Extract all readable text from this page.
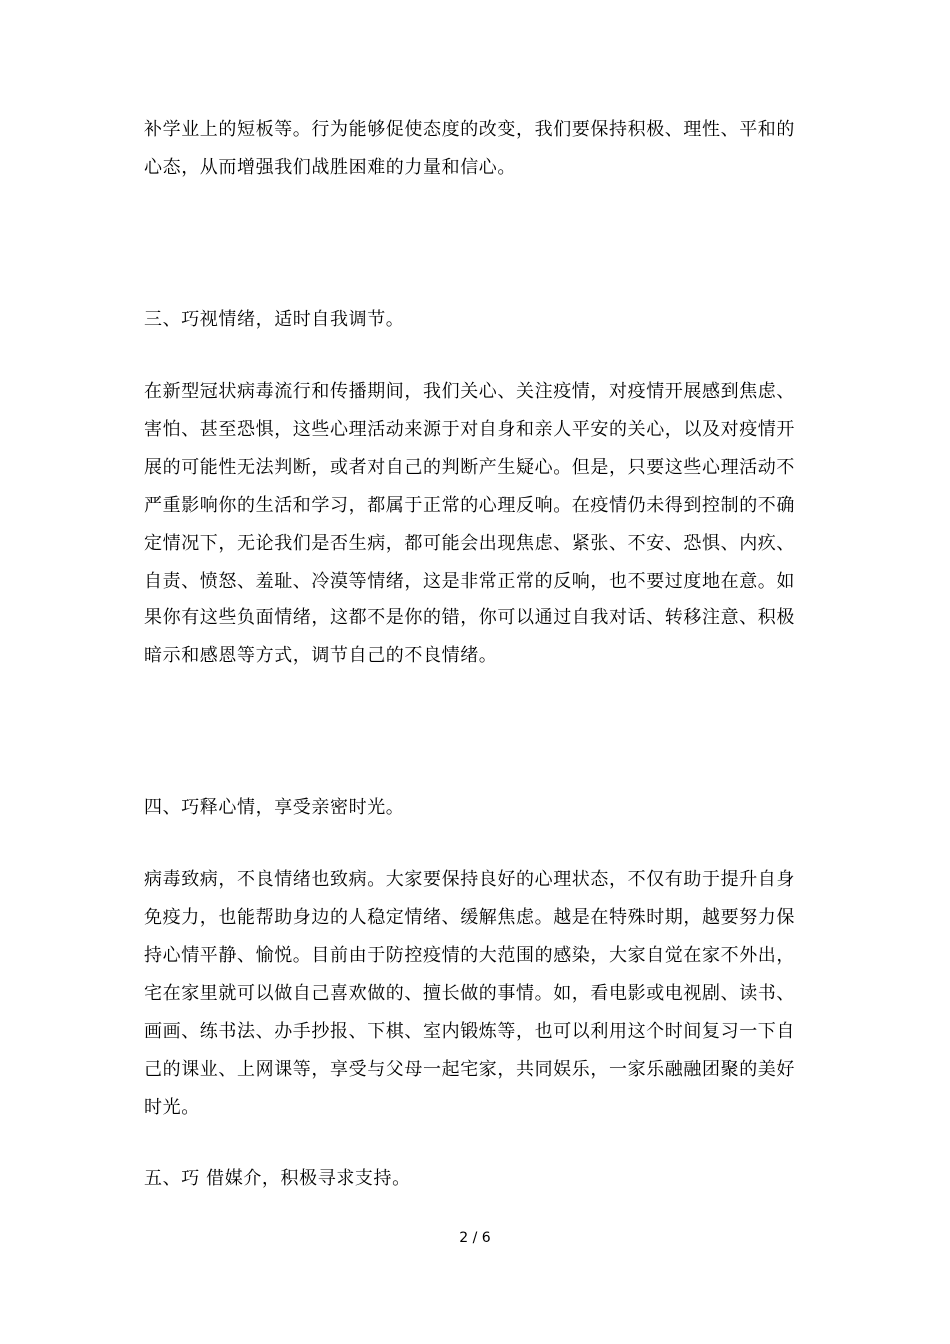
补学业上的短板等。行为能够促使态度的改变，我们要保持积极、理性、平和的
心态，从而增强我们战胜困难的力量和信心。
三、巧视情绪，适时自我调节。
在新型冠状病毒流行和传播期间，我们关心、关注疫情，对疫情开展感到焦虑、
害怕、甚至恐惧，这些心理活动来源于对自身和亲人平安的关心，以及对疫情开
展的可能性无法判断，或者对自己的判断产生疑心。但是，只要这些心理活动不
严重影响你的生活和学习，都属于正常的心理反响。在疫情仍未得到控制的不确
定情况下，无论我们是否生病，都可能会出现焦虑、紧张、不安、恐惧、内疚、
自责、愤怒、羞耻、冷漠等情绪，这是非常正常的反响，也不要过度地在意。如
果你有这些负面情绪，这都不是你的错，你可以通过自我对话、转移注意、积极
暗示和感恩等方式，调节自己的不良情绪。
四、巧释心情，享受亲密时光。
病毒致病，不良情绪也致病。大家要保持良好的心理状态，不仅有助于提升自身
免疫力，也能帮助身边的人稳定情绪、缓解焦虑。越是在特殊时期，越要努力保
持心情平静、愉悦。目前由于防控疫情的大范围的感染，大家自觉在家不外出，
宅在家里就可以做自己喜欢做的、擅长做的事情。如，看电影或电视剧、读书、
画画、练书法、办手抄报、下棋、室内锻炼等，也可以利用这个时间复习一下自
己的课业、上网课等，享受与父母一起宅家，共同娱乐，一家乐融融团聚的美好
时光。
五、巧 借媒介，积极寻求支持。
2 / 6
